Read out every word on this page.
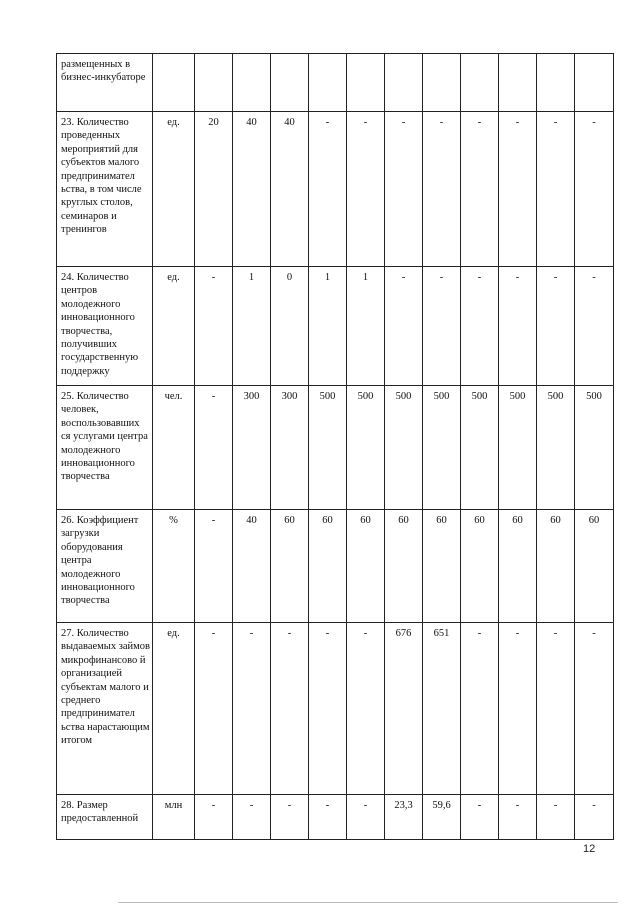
размещенных в бизнес-инкубаторе												
23. Количество проведенных мероприятий для субъектов малого предпринимател ьства, в том числе круглых столов, семинаров и тренингов	ед.	20	40	40	-	-	-	-	-	-	-	-
24. Количество центров молодежного инновационного творчества, получивших государственную поддержку	ед.	-	1	0	1	1	-	-	-	-	-	-
25. Количество человек, воспользовавших ся услугами центра молодежного инновационного творчества	чел.	-	300	300	500	500	500	500	500	500	500	500
26. Коэффициент загрузки оборудования центра молодежного инновационного творчества	%	-	40	60	60	60	60	60	60	60	60	60
27. Количество выдаваемых займов микрофинансово й организацией субъектам малого и среднего предпринимател ьства нарастающим итогом	ед.	-	-	-	-	-	676	651	-	-	-	-
28. Размер предоставленной	млн	-	-	-	-	-	23,3	59,6	-	-	-	-
12
